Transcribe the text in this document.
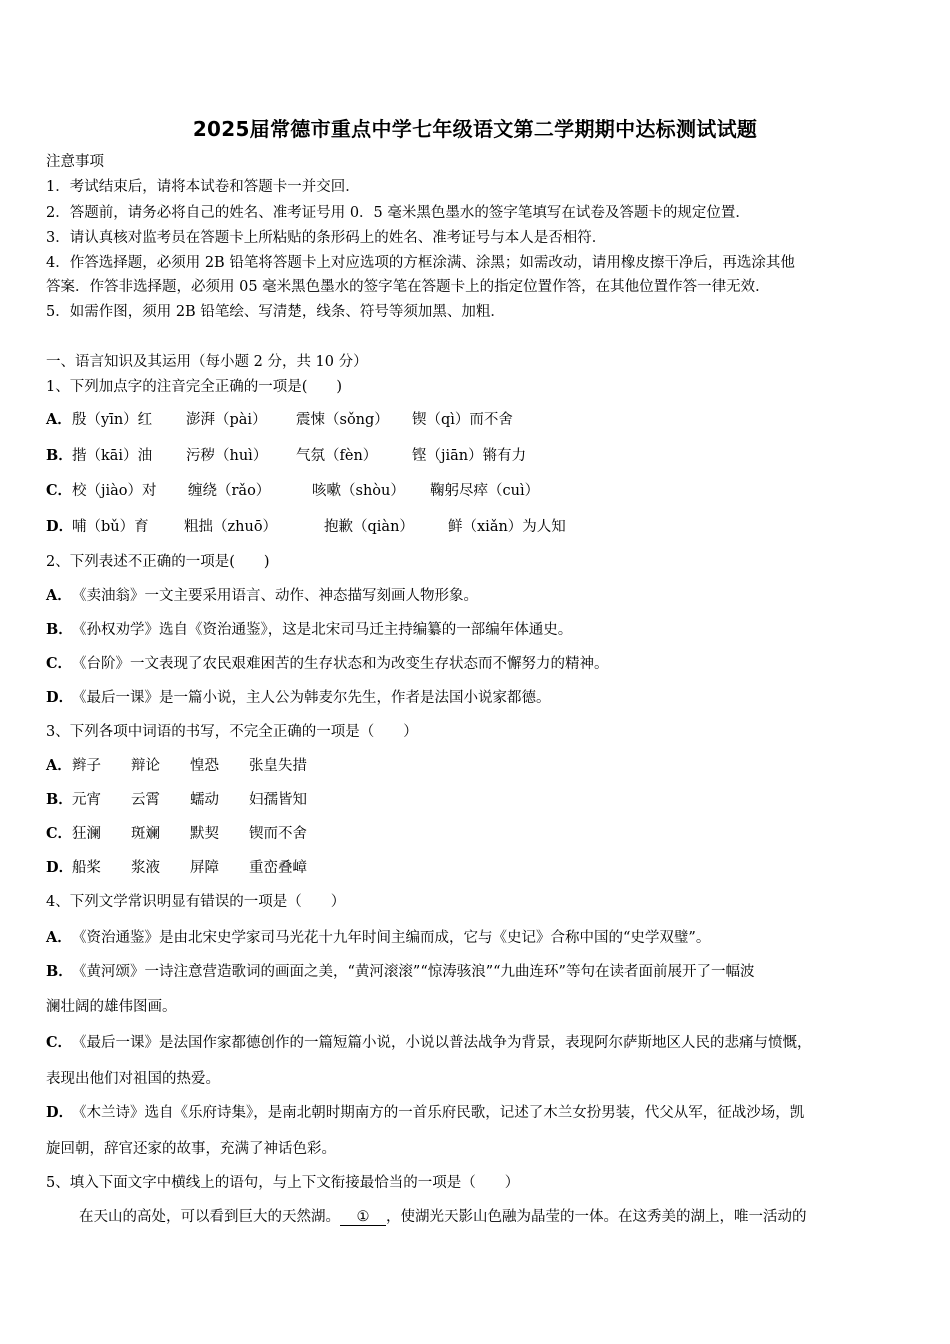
2025届常德市重点中学七年级语文第二学期期中达标测试试题
注意事项
1．考试结束后，请将本试卷和答题卡一并交回．
2．答题前，请务必将自己的姓名、准考证号用 0．5 毫米黑色墨水的签字笔填写在试卷及答题卡的规定位置．
3．请认真核对监考员在答题卡上所粘贴的条形码上的姓名、准考证号与本人是否相符．
4．作答选择题，必须用 2B 铅笔将答题卡上对应选项的方框涂满、涂黑；如需改动，请用橡皮擦干净后，再选涂其他
答案．作答非选择题，必须用 05 毫米黑色墨水的签字笔在答题卡上的指定位置作答，在其他位置作答一律无效．
5．如需作图，须用 2B 铅笔绘、写清楚，线条、符号等须加黑、加粗．
一、语言知识及其运用（每小题 2 分，共 10 分）
1、下列加点字的注音完全正确的一项是(　　)
A．殷（yīn）红 澎湃（pài） 震悚（sǒng） 锲（qì）而不舍
B．揩（kāi）油 污秽（huì） 气氛（fèn） 铿（jiān）锵有力
C．校（jiào）对 缠绕（rǎo）	咳嗽（shòu） 鞠躬尽瘁（cuì）
D．哺（bǔ）育 粗拙（zhuō）	抱歉（qiàn） 鲜（xiǎn）为人知
2、下列表述不正确的一项是(　　)
A．《卖油翁》一文主要采用语言、动作、神态描写刻画人物形象。
B．《孙权劝学》选自《资治通鉴》，这是北宋司马迁主持编纂的一部编年体通史。
C．《台阶》一文表现了农民艰难困苦的生存状态和为改变生存状态而不懈努力的精神。
D．《最后一课》是一篇小说，主人公为韩麦尔先生，作者是法国小说家都德。
3、下列各项中词语的书写，不完全正确的一项是（　　）
A．辫子 辩论 惶恐 张皇失措
B．元宵 云霄 蠕动 妇孺皆知
C．狂澜 斑斓 默契 锲而不舍
D．船桨 浆液 屏障 重峦叠嶂
4、下列文学常识明显有错误的一项是（　　）
A．《资治通鉴》是由北宋史学家司马光花十九年时间主编而成，它与《史记》合称中国的“史学双璧”。
B．《黄河颂》一诗注意营造歌词的画面之美，“黄河滚滚”“惊涛骇浪”“九曲连环”等句在读者面前展开了一幅波
澜壮阔的雄伟图画。
C．《最后一课》是法国作家都德创作的一篇短篇小说，小说以普法战争为背景，表现阿尔萨斯地区人民的悲痛与愤慨，
表现出他们对祖国的热爱。
D．《木兰诗》选自《乐府诗集》，是南北朝时期南方的一首乐府民歌，记述了木兰女扮男装，代父从军，征战沙场，凯
旋回朝，辞官还家的故事，充满了神话色彩。
5、填入下面文字中横线上的语句，与上下文衔接最恰当的一项是（　　）
在天山的高处，可以看到巨大的天然湖。 ① ，使湖光天影山色融为晶莹的一体。在这秀美的湖上，唯一活动的
